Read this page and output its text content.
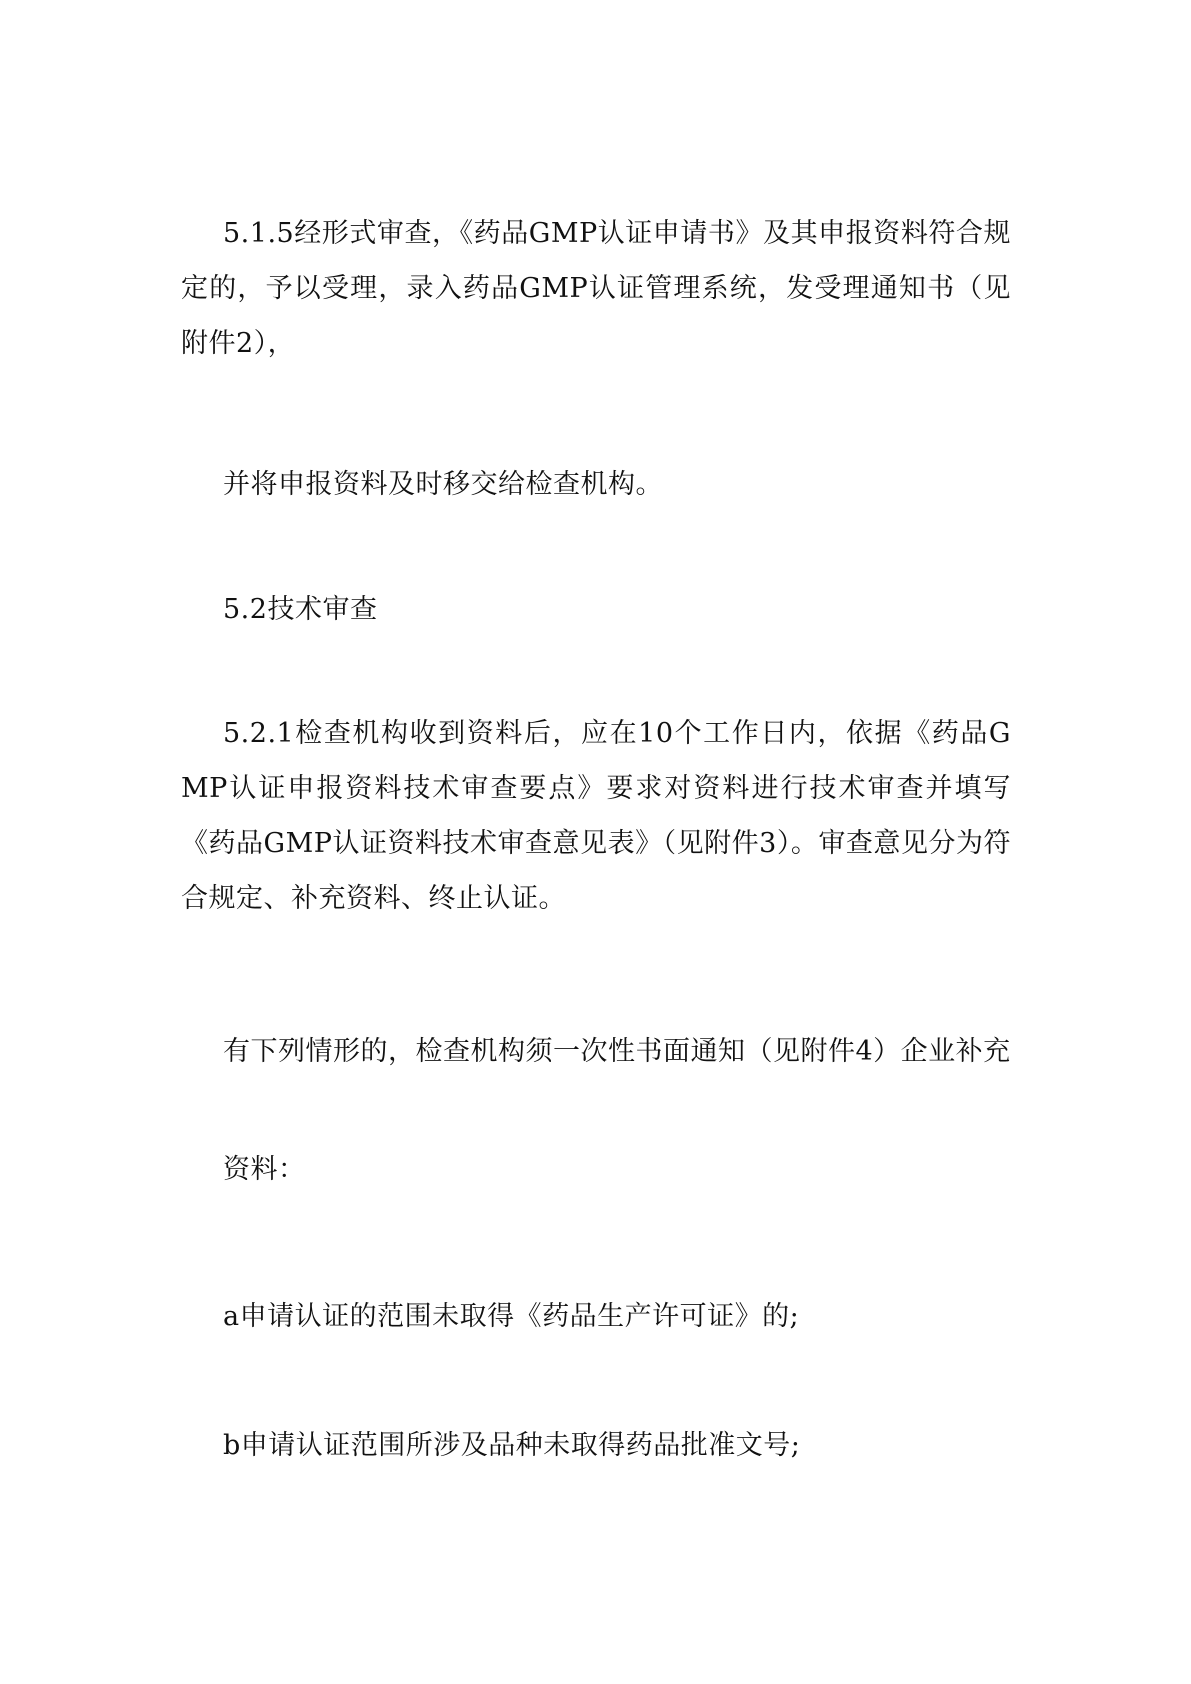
5.1.5经形式审查，《药品GMP认证申请书》及其申报资料符合规定的，予以受理，录入药品GMP认证管理系统，发受理通知书（见附件2），

并将申报资料及时移交给检查机构。

5.2技术审查

5.2.1检查机构收到资料后，应在10个工作日内，依据《药品GMP认证申报资料技术审查要点》要求对资料进行技术审查并填写《药品GMP认证资料技术审查意见表》（见附件3）。审查意见分为符合规定、补充资料、终止认证。

有下列情形的，检查机构须一次性书面通知（见附件4）企业补充

资料：

a申请认证的范围未取得《药品生产许可证》的;

b申请认证范围所涉及品种未取得药品批准文号;
